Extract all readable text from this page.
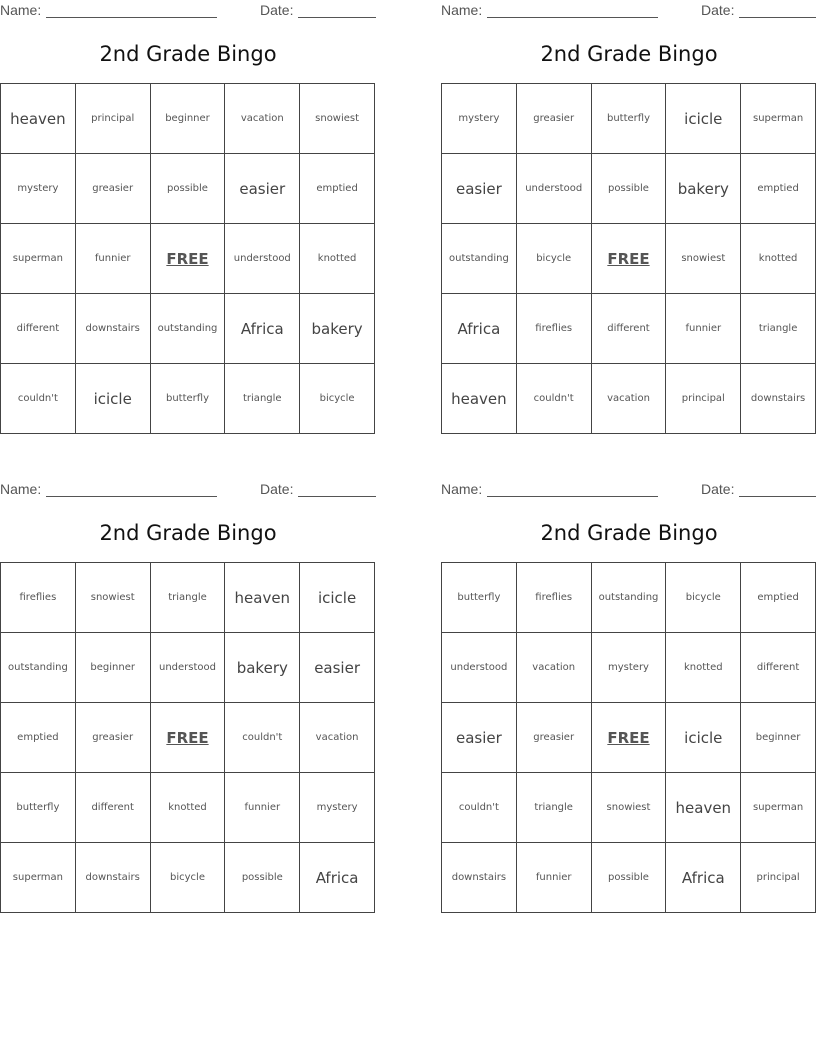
Name:	Date:
2nd Grade Bingo
heaven	principal	beginner	vacation	snowiest
mystery	greasier	possible	easier	emptied
superman	funnier	FREE	understood	knotted
different	downstairs	outstanding	Africa	bakery
couldn't	icicle	butterfly	triangle	bicycle
Name:	Date:
2nd Grade Bingo
mystery	greasier	butterfly	icicle	superman
easier	understood	possible	bakery	emptied
outstanding	bicycle	FREE	snowiest	knotted
Africa	fireflies	different	funnier	triangle
heaven	couldn't	vacation	principal	downstairs
Name:	Date:
2nd Grade Bingo
fireflies	snowiest	triangle	heaven	icicle
outstanding	beginner	understood	bakery	easier
emptied	greasier	FREE	couldn't	vacation
butterfly	different	knotted	funnier	mystery
superman	downstairs	bicycle	possible	Africa
Name:	Date:
2nd Grade Bingo
butterfly	fireflies	outstanding	bicycle	emptied
understood	vacation	mystery	knotted	different
easier	greasier	FREE	icicle	beginner
couldn't	triangle	snowiest	heaven	superman
downstairs	funnier	possible	Africa	principal
